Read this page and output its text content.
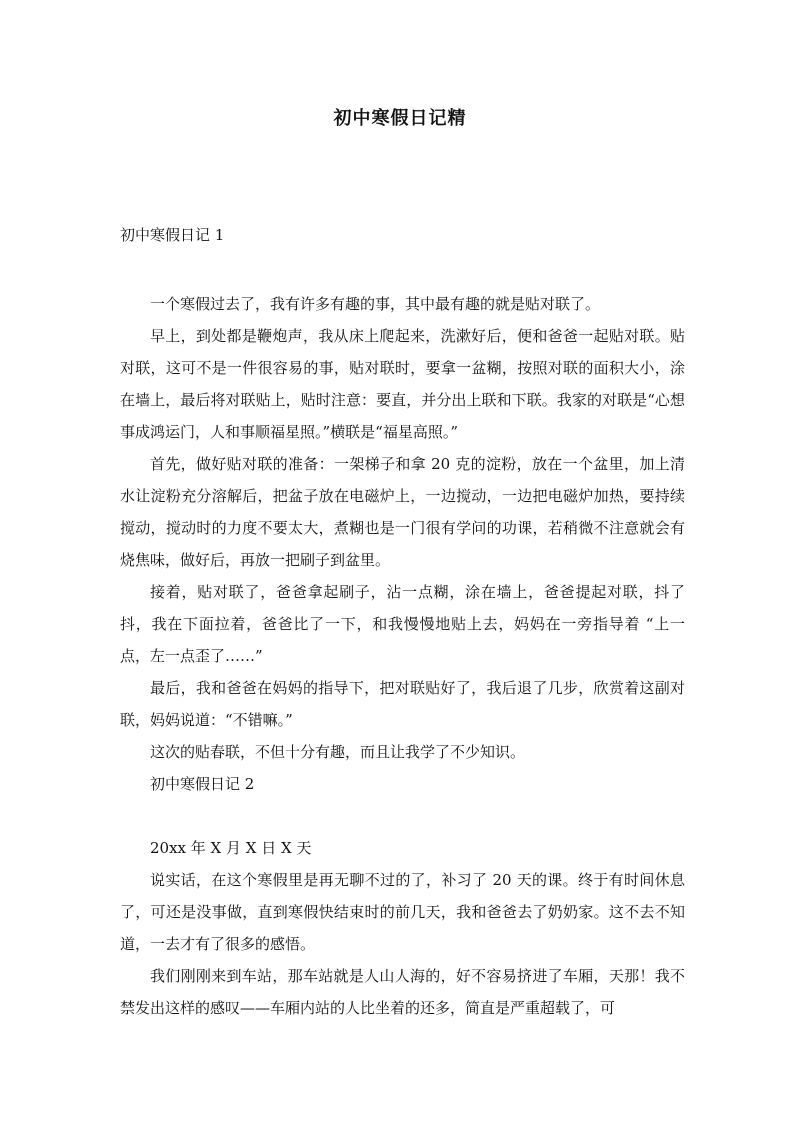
初中寒假日记精
初中寒假日记 1

一个寒假过去了，我有许多有趣的事，其中最有趣的就是贴对联了。

早上，到处都是鞭炮声，我从床上爬起来，洗漱好后，便和爸爸一起贴对联。贴对联，这可不是一件很容易的事，贴对联时，要拿一盆糊，按照对联的面积大小，涂在墙上，最后将对联贴上，贴时注意：要直，并分出上联和下联。我家的对联是“心想事成鸿运门，人和事顺福星照。”横联是“福星高照。”

首先，做好贴对联的准备：一架梯子和拿 20 克的淀粉，放在一个盆里，加上清水让淀粉充分溶解后，把盆子放在电磁炉上，一边搅动，一边把电磁炉加热，要持续搅动，搅动时的力度不要太大，煮糊也是一门很有学问的功课，若稍微不注意就会有烧焦味，做好后，再放一把刷子到盆里。

接着，贴对联了，爸爸拿起刷子，沾一点糊，涂在墙上，爸爸提起对联，抖了抖，我在下面拉着，爸爸比了一下，和我慢慢地贴上去，妈妈在一旁指导着 “上一点，左一点歪了……”

最后，我和爸爸在妈妈的指导下，把对联贴好了，我后退了几步，欣赏着这副对联，妈妈说道：“不错嘛。”

这次的贴春联，不但十分有趣，而且让我学了不少知识。

初中寒假日记 2

20xx 年 X 月 X 日 X 天

说实话，在这个寒假里是再无聊不过的了，补习了 20 天的课。终于有时间休息了，可还是没事做，直到寒假快结束时的前几天，我和爸爸去了奶奶家。这不去不知道，一去才有了很多的感悟。

我们刚刚来到车站，那车站就是人山人海的，好不容易挤进了车厢，天那！我不禁发出这样的感叹——车厢内站的人比坐着的还多，简直是严重超载了，可
